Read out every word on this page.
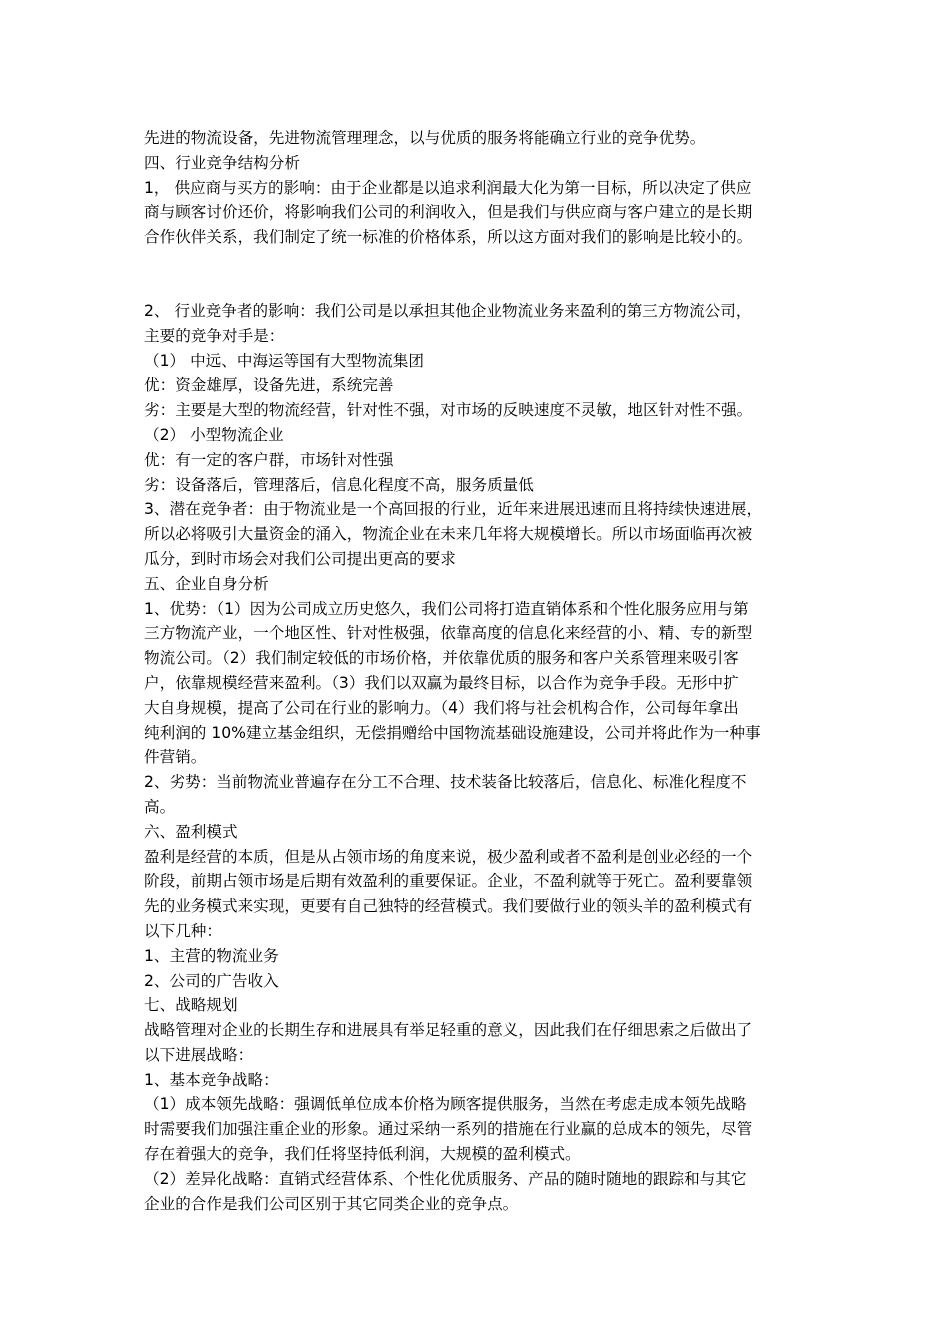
先进的物流设备，先进物流管理理念，以与优质的服务将能确立行业的竞争优势。
四、行业竞争结构分析
1， 供应商与买方的影响：由于企业都是以追求利润最大化为第一目标，所以决定了供应
商与顾客讨价还价，将影响我们公司的利润收入，但是我们与供应商与客户建立的是长期
合作伙伴关系，我们制定了统一标准的价格体系，所以这方面对我们的影响是比较小的。
2、 行业竞争者的影响：我们公司是以承担其他企业物流业务来盈利的第三方物流公司，
主要的竞争对手是：
（1） 中远、中海运等国有大型物流集团
优：资金雄厚，设备先进，系统完善
劣：主要是大型的物流经营，针对性不强，对市场的反映速度不灵敏，地区针对性不强。
（2） 小型物流企业
优：有一定的客户群，市场针对性强
劣：设备落后，管理落后，信息化程度不高，服务质量低
3、潜在竞争者：由于物流业是一个高回报的行业，近年来进展迅速而且将持续快速进展，
所以必将吸引大量资金的涌入，物流企业在未来几年将大规模增长。所以市场面临再次被
瓜分，到时市场会对我们公司提出更高的要求
五、企业自身分析
1、优势：（1）因为公司成立历史悠久，我们公司将打造直销体系和个性化服务应用与第
三方物流产业，一个地区性、针对性极强，依靠高度的信息化来经营的小、精、专的新型
物流公司。（2）我们制定较低的市场价格，并依靠优质的服务和客户关系管理来吸引客
户，依靠规模经营来盈利。（3）我们以双赢为最终目标，以合作为竞争手段。无形中扩
大自身规模，提高了公司在行业的影响力。（4）我们将与社会机构合作，公司每年拿出
纯利润的 10%建立基金组织，无偿捐赠给中国物流基础设施建设，公司并将此作为一种事
件营销。
2、劣势：当前物流业普遍存在分工不合理、技术装备比较落后，信息化、标准化程度不
高。
六、盈利模式
盈利是经营的本质，但是从占领市场的角度来说，极少盈利或者不盈利是创业必经的一个
阶段，前期占领市场是后期有效盈利的重要保证。企业，不盈利就等于死亡。盈利要靠领
先的业务模式来实现，更要有自己独特的经营模式。我们要做行业的领头羊的盈利模式有
以下几种：
1、主营的物流业务
2、公司的广告收入
七、战略规划
战略管理对企业的长期生存和进展具有举足轻重的意义，因此我们在仔细思索之后做出了
以下进展战略：
1、基本竞争战略：
（1）成本领先战略：强调低单位成本价格为顾客提供服务，当然在考虑走成本领先战略
时需要我们加强注重企业的形象。通过采纳一系列的措施在行业赢的总成本的领先，尽管
存在着强大的竞争，我们任将坚持低利润，大规模的盈利模式。
（2）差异化战略：直销式经营体系、个性化优质服务、产品的随时随地的跟踪和与其它
企业的合作是我们公司区别于其它同类企业的竞争点。
